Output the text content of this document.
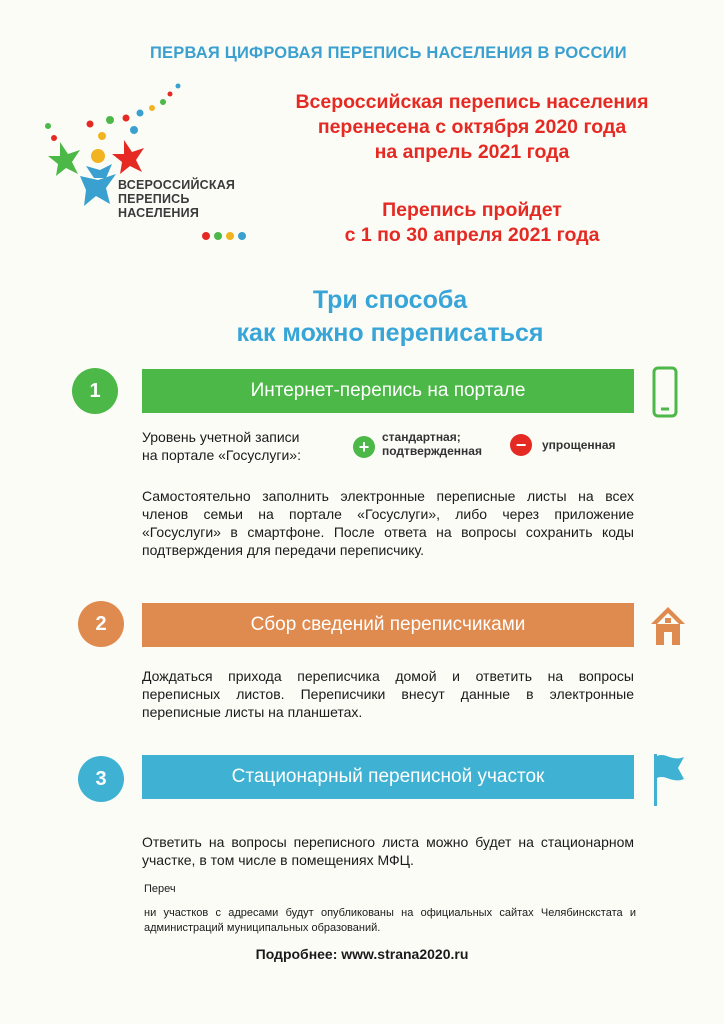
ПЕРВАЯ ЦИФРОВАЯ ПЕРЕПИСЬ НАСЕЛЕНИЯ В РОССИИ
ВСЕРОССИЙСКАЯ
ПЕРЕПИСЬ
НАСЕЛЕНИЯ
Всероссийская перепись населения
перенесена с октября 2020 года
на апрель 2021 года
Перепись пройдет
с 1 по 30 апреля 2021 года
Три способа
как можно переписаться
1	Интернет-перепись на портале
Уровень учетной записи
на портале «Госуслуги»:	+	стандартная;
подтвержденная	−	упрощенная
Самостоятельно заполнить электронные переписные листы на всех членов семьи на портале «Госуслуги», либо через приложение «Госуслуги» в смартфоне. После ответа на вопросы сохранить коды подтверждения для передачи переписчику.
2	Сбор сведений переписчиками
Дождаться прихода переписчика домой и ответить на вопросы переписных листов. Переписчики внесут данные в электронные переписные листы на планшетах.
3	Стационарный переписной участок
Ответить на вопросы переписного листа можно будет на стационарном участке, в том числе в помещениях МФЦ.
Переч
ни участков с адресами будут опубликованы на официальных сайтах Челябинскстата и администраций муниципальных образований.
Подробнее: www.strana2020.ru
